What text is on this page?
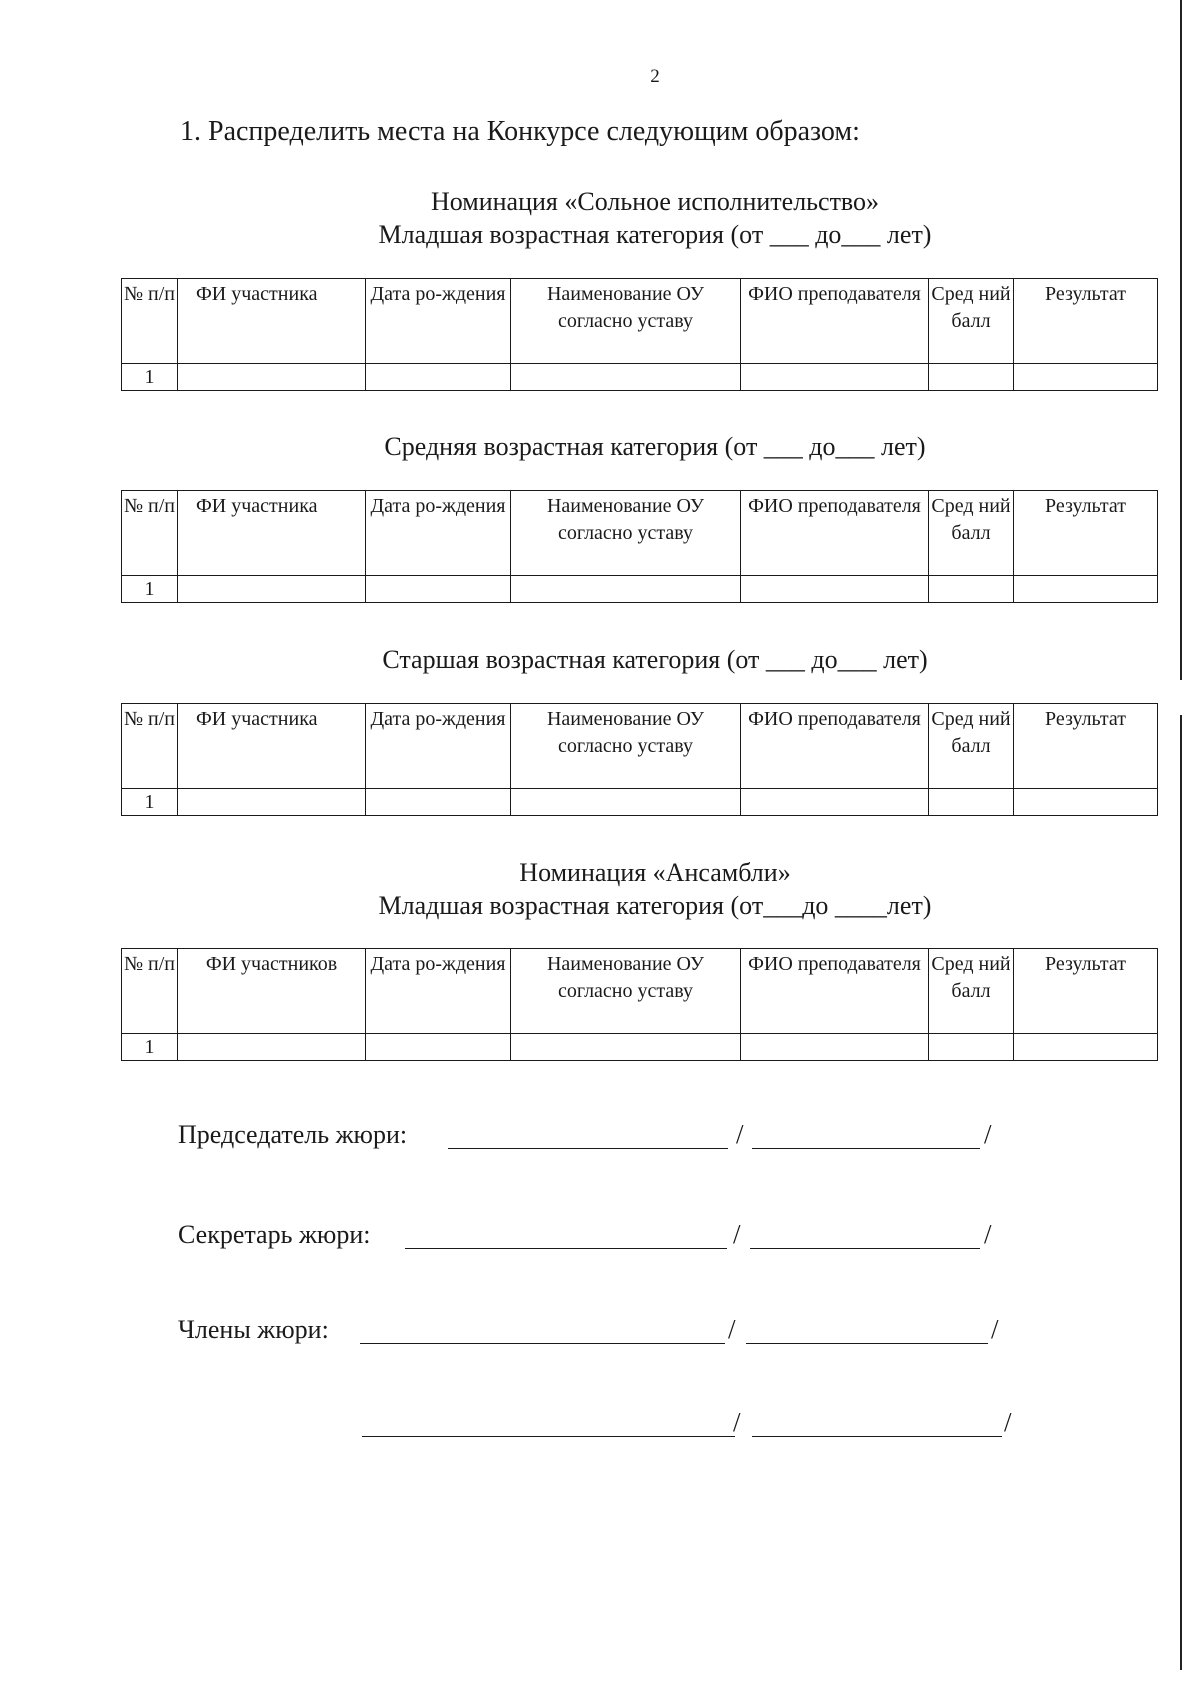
2
1. Распределить места на Конкурсе следующим образом:
Номинация «Сольное исполнительство»
Младшая возрастная категория (от ___ до___ лет)
№ п/п	ФИ участника	Дата ро-ждения	Наименование ОУ согласно уставу	ФИО преподавателя	Сред ний балл	Результат
1						
Средняя возрастная категория (от ___ до___ лет)
№ п/п	ФИ участника	Дата ро-ждения	Наименование ОУ согласно уставу	ФИО преподавателя	Сред ний балл	Результат
1						
Старшая возрастная категория (от ___ до___ лет)
№ п/п	ФИ участника	Дата ро-ждения	Наименование ОУ согласно уставу	ФИО преподавателя	Сред ний балл	Результат
1						
Номинация «Ансамбли»
Младшая возрастная категория (от___до ____лет)
№ п/п	ФИ участников	Дата ро-ждения	Наименование ОУ согласно уставу	ФИО преподавателя	Сред ний балл	Результат
1						
Председатель жюри:	/	/
Секретарь жюри:	/	/
Члены жюри:	/	/
/	/
